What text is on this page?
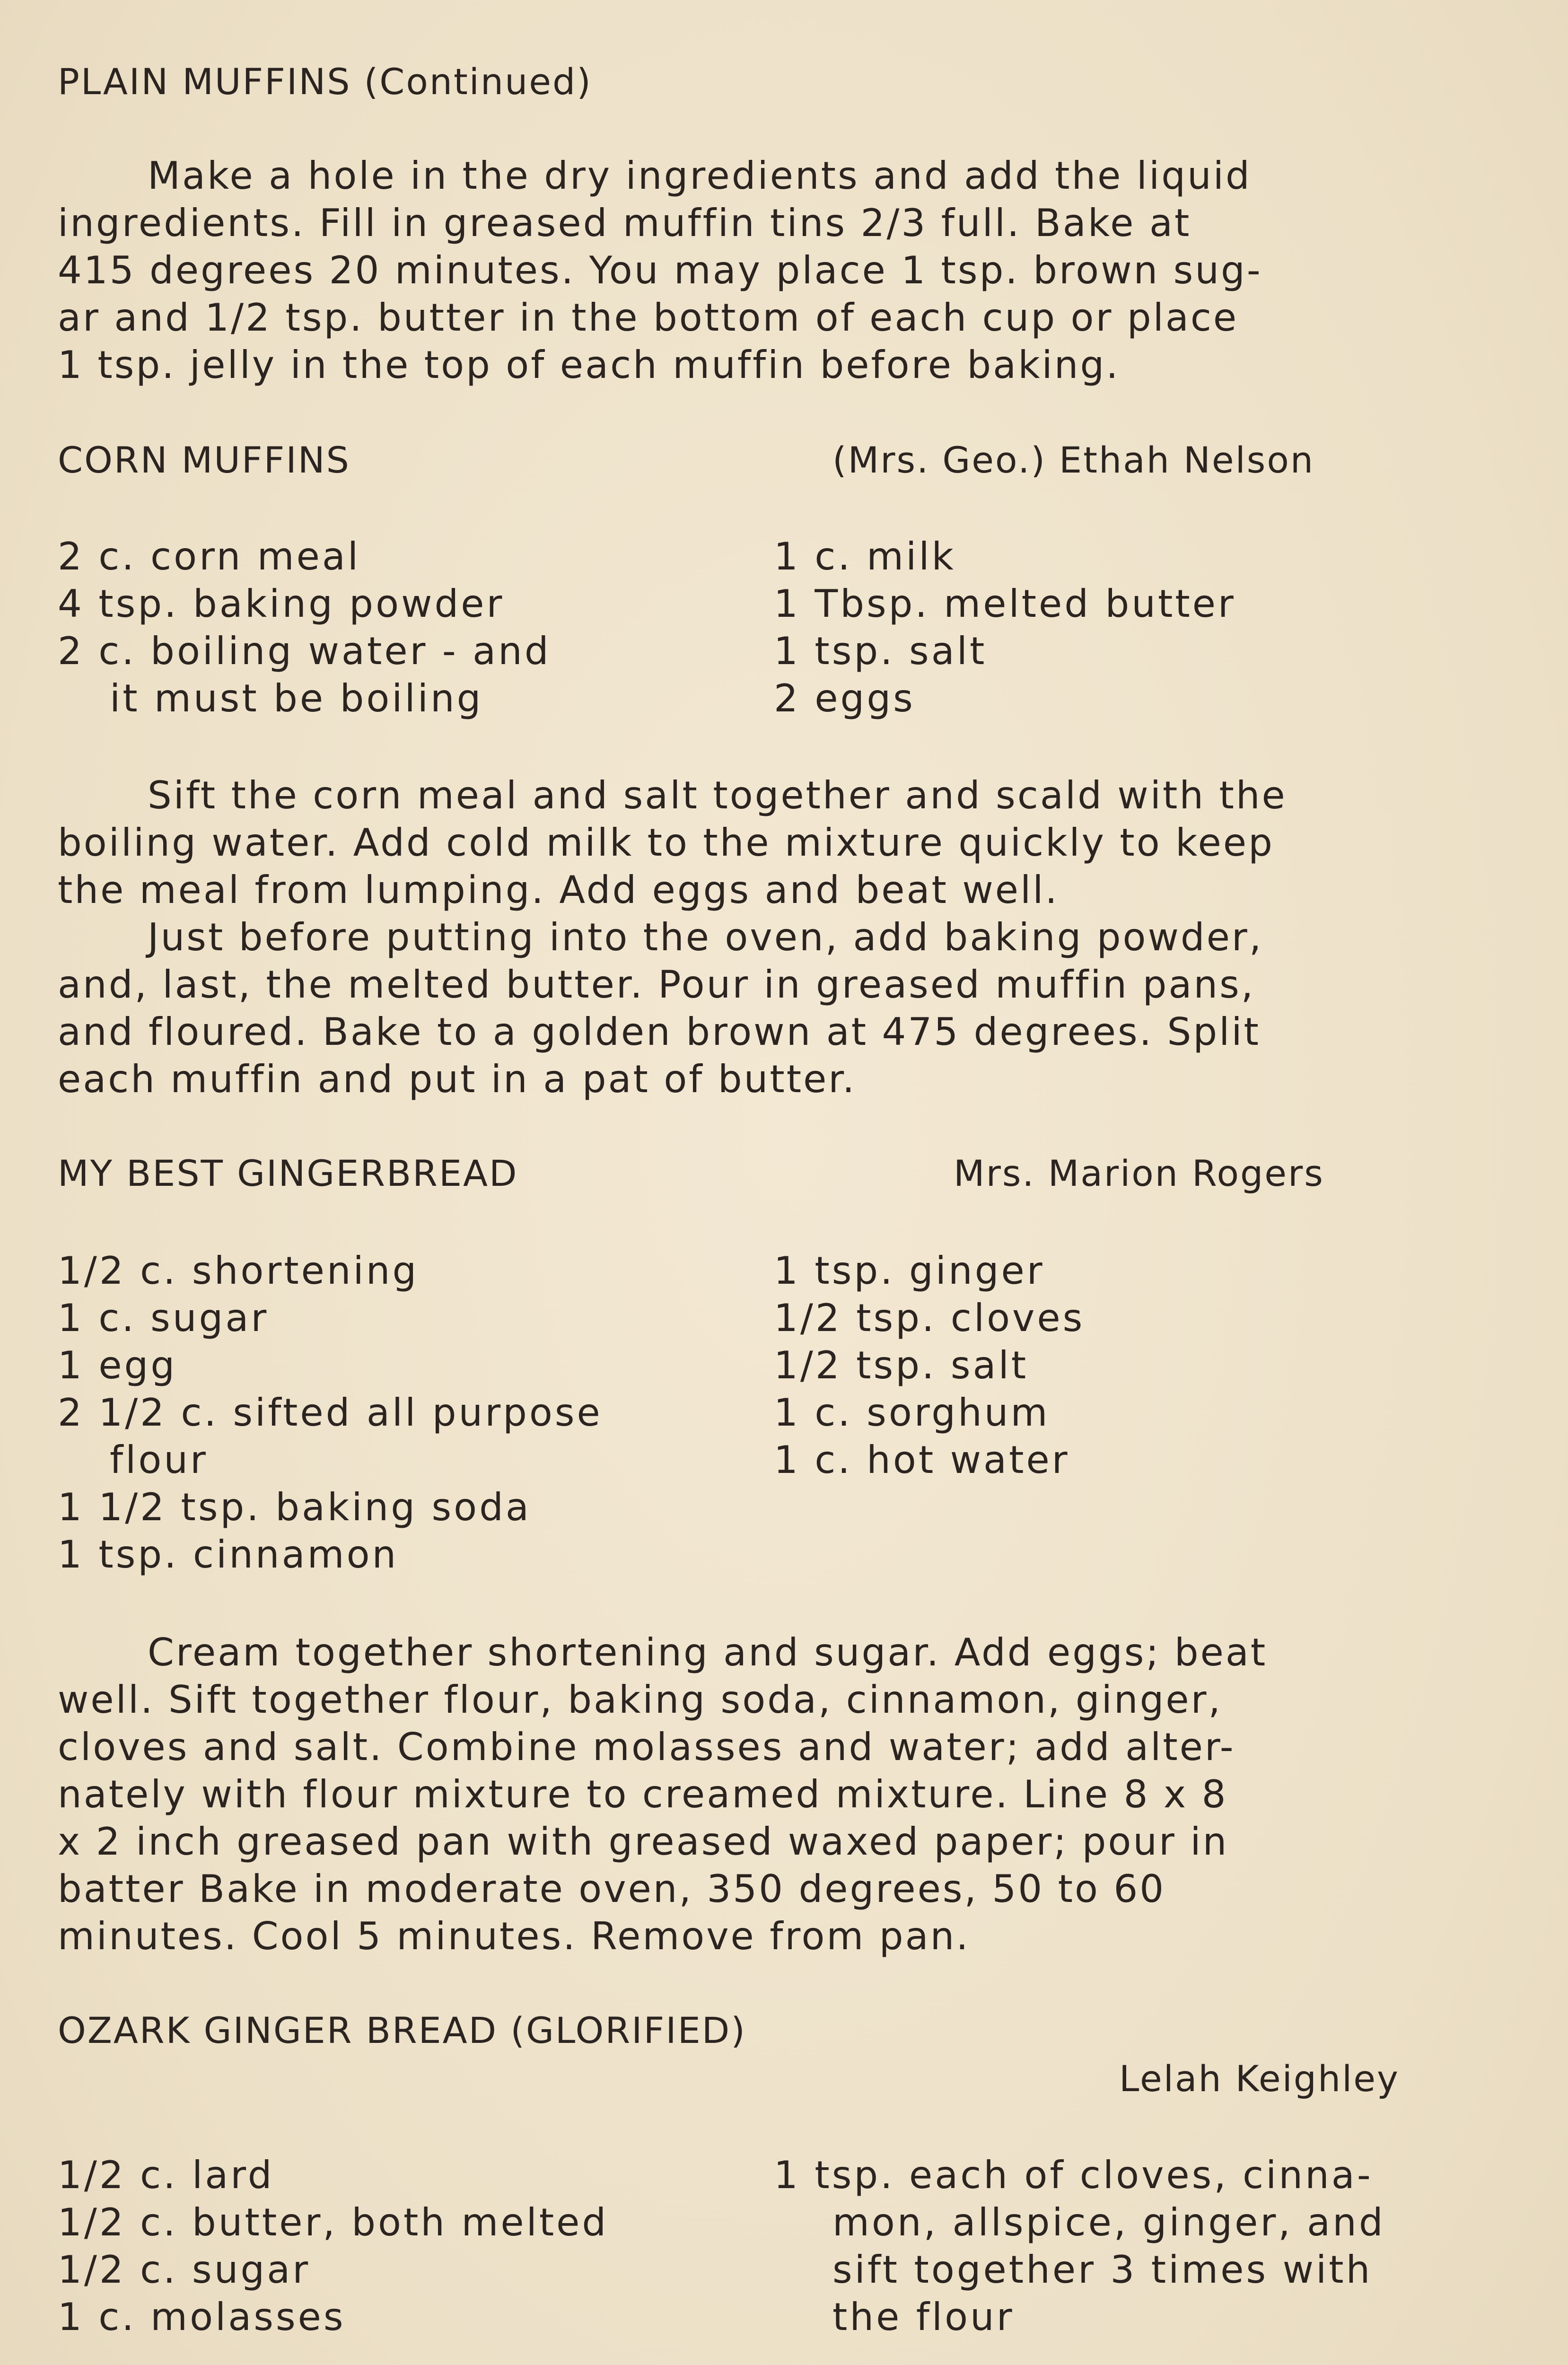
PLAIN MUFFINS (Continued)
Make a hole in the dry ingredients and add the liquid
ingredients. Fill in greased muffin tins 2/3 full. Bake at
415 degrees 20 minutes. You may place 1 tsp. brown sug-
ar and 1/2 tsp. butter in the bottom of each cup or place
1 tsp. jelly in the top of each muffin before baking.
CORN MUFFINS	(Mrs. Geo.) Ethah Nelson
2 c. corn meal
4 tsp. baking powder
2 c. boiling water - and
it must be boiling
1 c. milk
1 Tbsp. melted butter
1 tsp. salt
2 eggs
Sift the corn meal and salt together and scald with the
boiling water. Add cold milk to the mixture quickly to keep
the meal from lumping. Add eggs and beat well.
Just before putting into the oven, add baking powder,
and, last, the melted butter. Pour in greased muffin pans,
and floured. Bake to a golden brown at 475 degrees. Split
each muffin and put in a pat of butter.
MY BEST GINGERBREAD	Mrs. Marion Rogers
1/2 c. shortening
1 c. sugar
1 egg
2 1/2 c. sifted all purpose
flour
1 1/2 tsp. baking soda
1 tsp. cinnamon
1 tsp. ginger
1/2 tsp. cloves
1/2 tsp. salt
1 c. sorghum
1 c. hot water
Cream together shortening and sugar. Add eggs; beat
well. Sift together flour, baking soda, cinnamon, ginger,
cloves and salt. Combine molasses and water; add alter-
nately with flour mixture to creamed mixture. Line 8 x 8
x 2 inch greased pan with greased waxed paper; pour in
batter Bake in moderate oven, 350 degrees, 50 to 60
minutes. Cool 5 minutes. Remove from pan.
OZARK GINGER BREAD (GLORIFIED)
Lelah Keighley
1/2 c. lard
1/2 c. butter, both melted
1/2 c. sugar
1 c. molasses
1 tsp. each of cloves, cinna-
mon, allspice, ginger, and
sift together 3 times with
the flour
